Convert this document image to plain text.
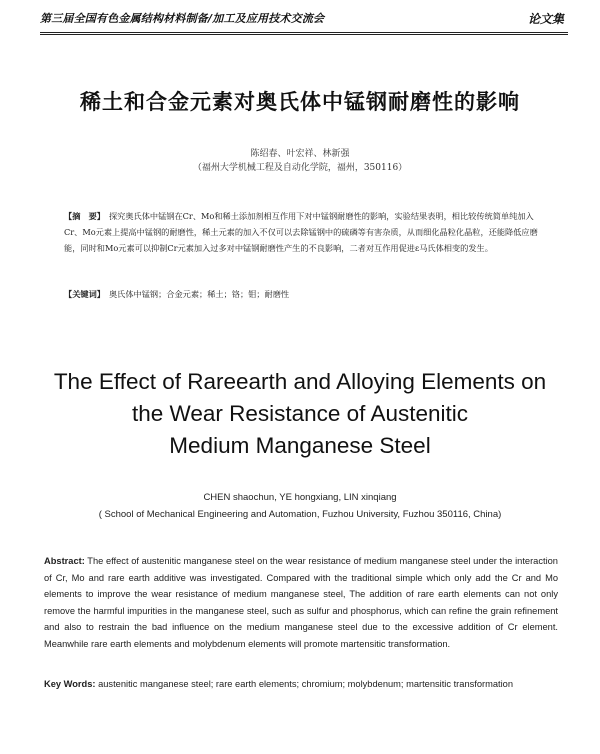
第三届全国有色金属结构材料制备/加工及应用技术交流会	论文集
稀土和合金元素对奥氏体中锰钢耐磨性的影响
陈绍春、叶宏祥、林新强
（福州大学机械工程及自动化学院，福州，350116）
【摘　要】 探究奥氏体中锰钢在Cr、Mo和稀土添加剂相互作用下对中锰钢耐磨性的影响，实验结果表明，相比较传统简单纯加入Cr、Mo元素上提高中锰钢的耐磨性，稀土元素的加入不仅可以去除锰钢中的硫磷等有害杂质，从而细化晶粒化晶粒，还能降低应磨能，同时和Mo元素可以抑制Cr元素加入过多对中锰钢耐磨性产生的不良影响，二者对互作用促进ε马氏体相变的发生。
【关键词】 奥氏体中锰钢；合金元素；稀土；铬；钼；耐磨性
The Effect of Rareearth and Alloying Elements on
the Wear Resistance of Austenitic
Medium Manganese Steel
CHEN shaochun, YE hongxiang, LIN xinqiang
( School of Mechanical Engineering and Automation, Fuzhou University, Fuzhou 350116, China)
Abstract: The effect of austenitic manganese steel on the wear resistance of medium manganese steel under the interaction of Cr, Mo and rare earth additive was investigated. Compared with the traditional simple which only add the Cr and Mo elements to improve the wear resistance of medium manganese steel, The addition of rare earth elements can not only remove the harmful impurities in the manganese steel, such as sulfur and phosphorus, which can refine the grain refinement and also to restrain the bad influence on the medium manganese steel due to the excessive addition of Cr element. Meanwhile rare earth elements and molybdenum elements will promote martensitic transformation.
Key Words: austenitic manganese steel; rare earth elements; chromium; molybdenum; martensitic transformation
